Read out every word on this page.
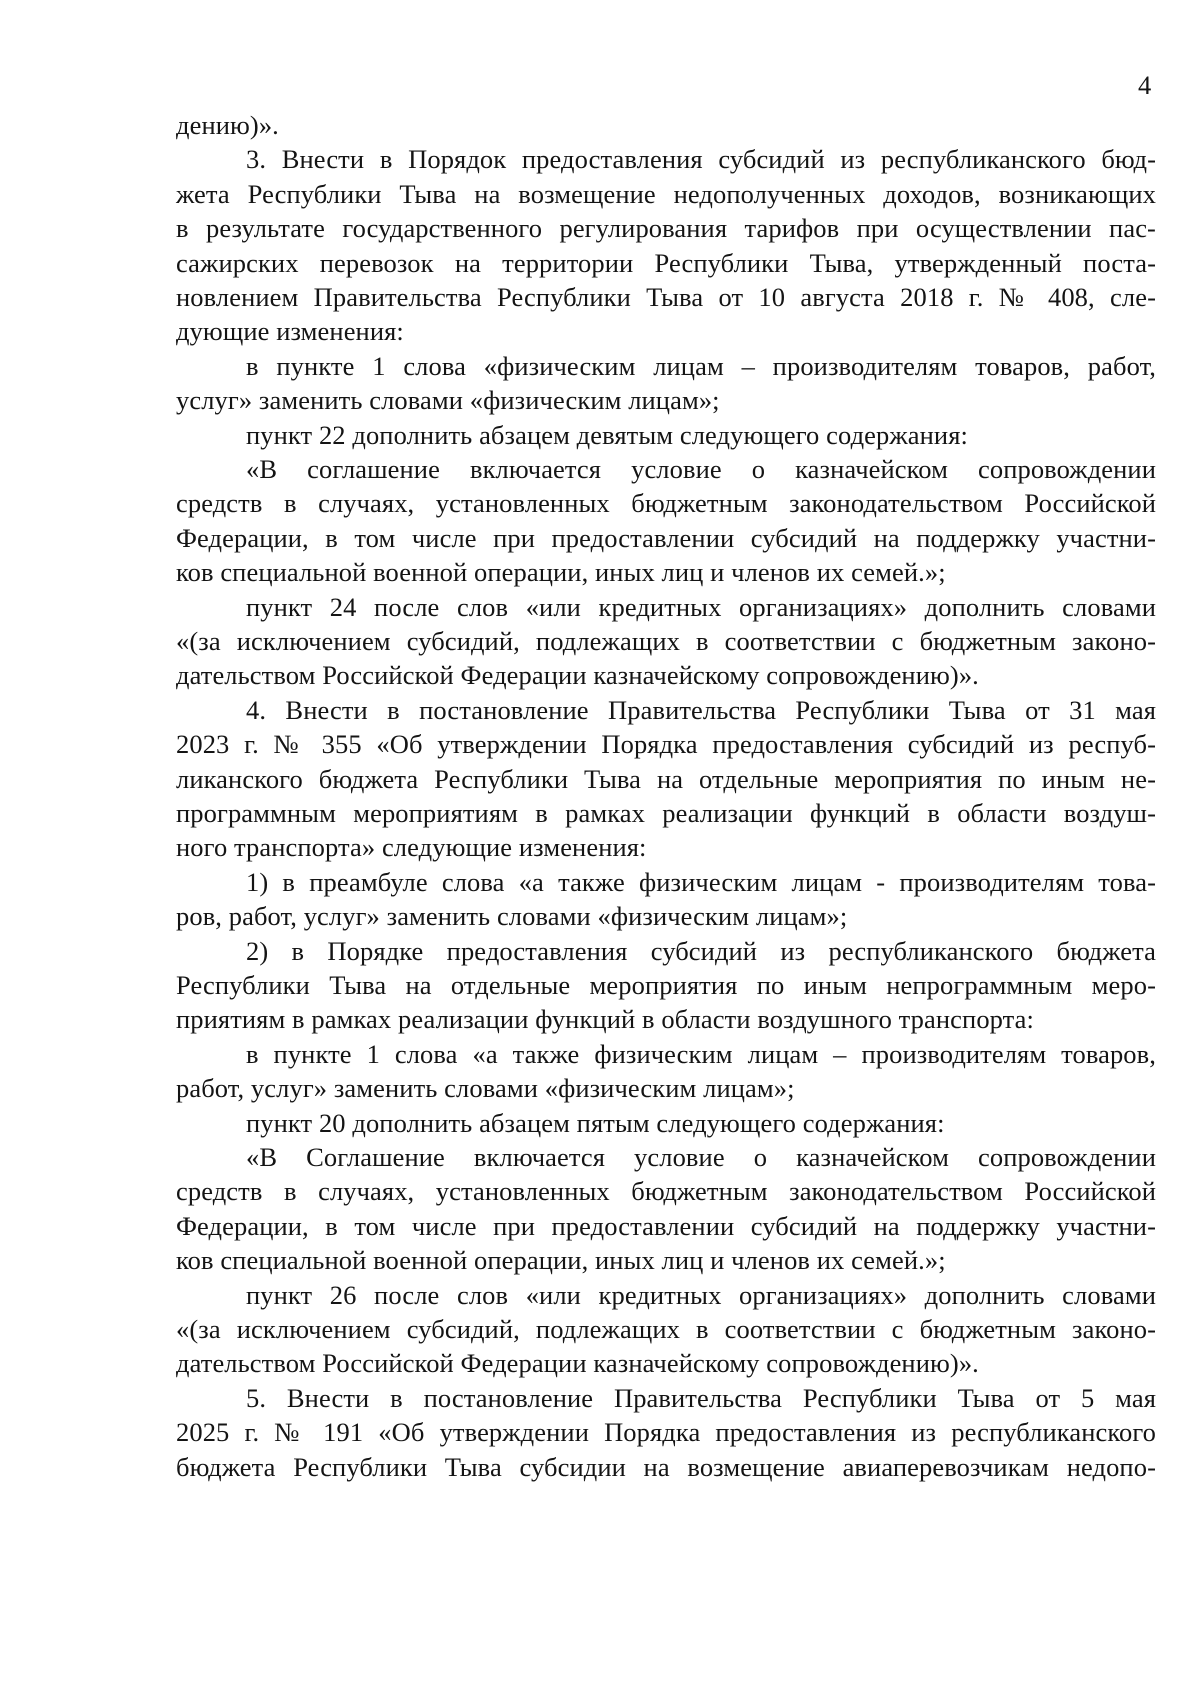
4
дению)».
3. Внести в Порядок предоставления субсидий из республиканского бюд-
жета Республики Тыва на возмещение недополученных доходов, возникающих
в результате государственного регулирования тарифов при осуществлении пас-
сажирских перевозок на территории Республики Тыва, утвержденный поста-
новлением Правительства Республики Тыва от 10 августа 2018 г. № 408, сле-
дующие изменения:
в пункте 1 слова «физическим лицам – производителям товаров, работ,
услуг» заменить словами «физическим лицам»;
пункт 22 дополнить абзацем девятым следующего содержания:
«В соглашение включается условие о казначейском сопровождении
средств в случаях, установленных бюджетным законодательством Российской
Федерации, в том числе при предоставлении субсидий на поддержку участни-
ков специальной военной операции, иных лиц и членов их семей.»;
пункт 24 после слов «или кредитных организациях» дополнить словами
«(за исключением субсидий, подлежащих в соответствии с бюджетным законо-
дательством Российской Федерации казначейскому сопровождению)».
4. Внести в постановление Правительства Республики Тыва от 31 мая
2023 г. № 355 «Об утверждении Порядка предоставления субсидий из респуб-
ликанского бюджета Республики Тыва на отдельные мероприятия по иным не-
программным мероприятиям в рамках реализации функций в области воздуш-
ного транспорта» следующие изменения:
1) в преамбуле слова «а также физическим лицам - производителям това-
ров, работ, услуг» заменить словами «физическим лицам»;
2) в Порядке предоставления субсидий из республиканского бюджета
Республики Тыва на отдельные мероприятия по иным непрограммным меро-
приятиям в рамках реализации функций в области воздушного транспорта:
в пункте 1 слова «а также физическим лицам – производителям товаров,
работ, услуг» заменить словами «физическим лицам»;
пункт 20 дополнить абзацем пятым следующего содержания:
«В Соглашение включается условие о казначейском сопровождении
средств в случаях, установленных бюджетным законодательством Российской
Федерации, в том числе при предоставлении субсидий на поддержку участни-
ков специальной военной операции, иных лиц и членов их семей.»;
пункт 26 после слов «или кредитных организациях» дополнить словами
«(за исключением субсидий, подлежащих в соответствии с бюджетным законо-
дательством Российской Федерации казначейскому сопровождению)».
5. Внести в постановление Правительства Республики Тыва от 5 мая
2025 г. № 191 «Об утверждении Порядка предоставления из республиканского
бюджета Республики Тыва субсидии на возмещение авиаперевозчикам недопо-
